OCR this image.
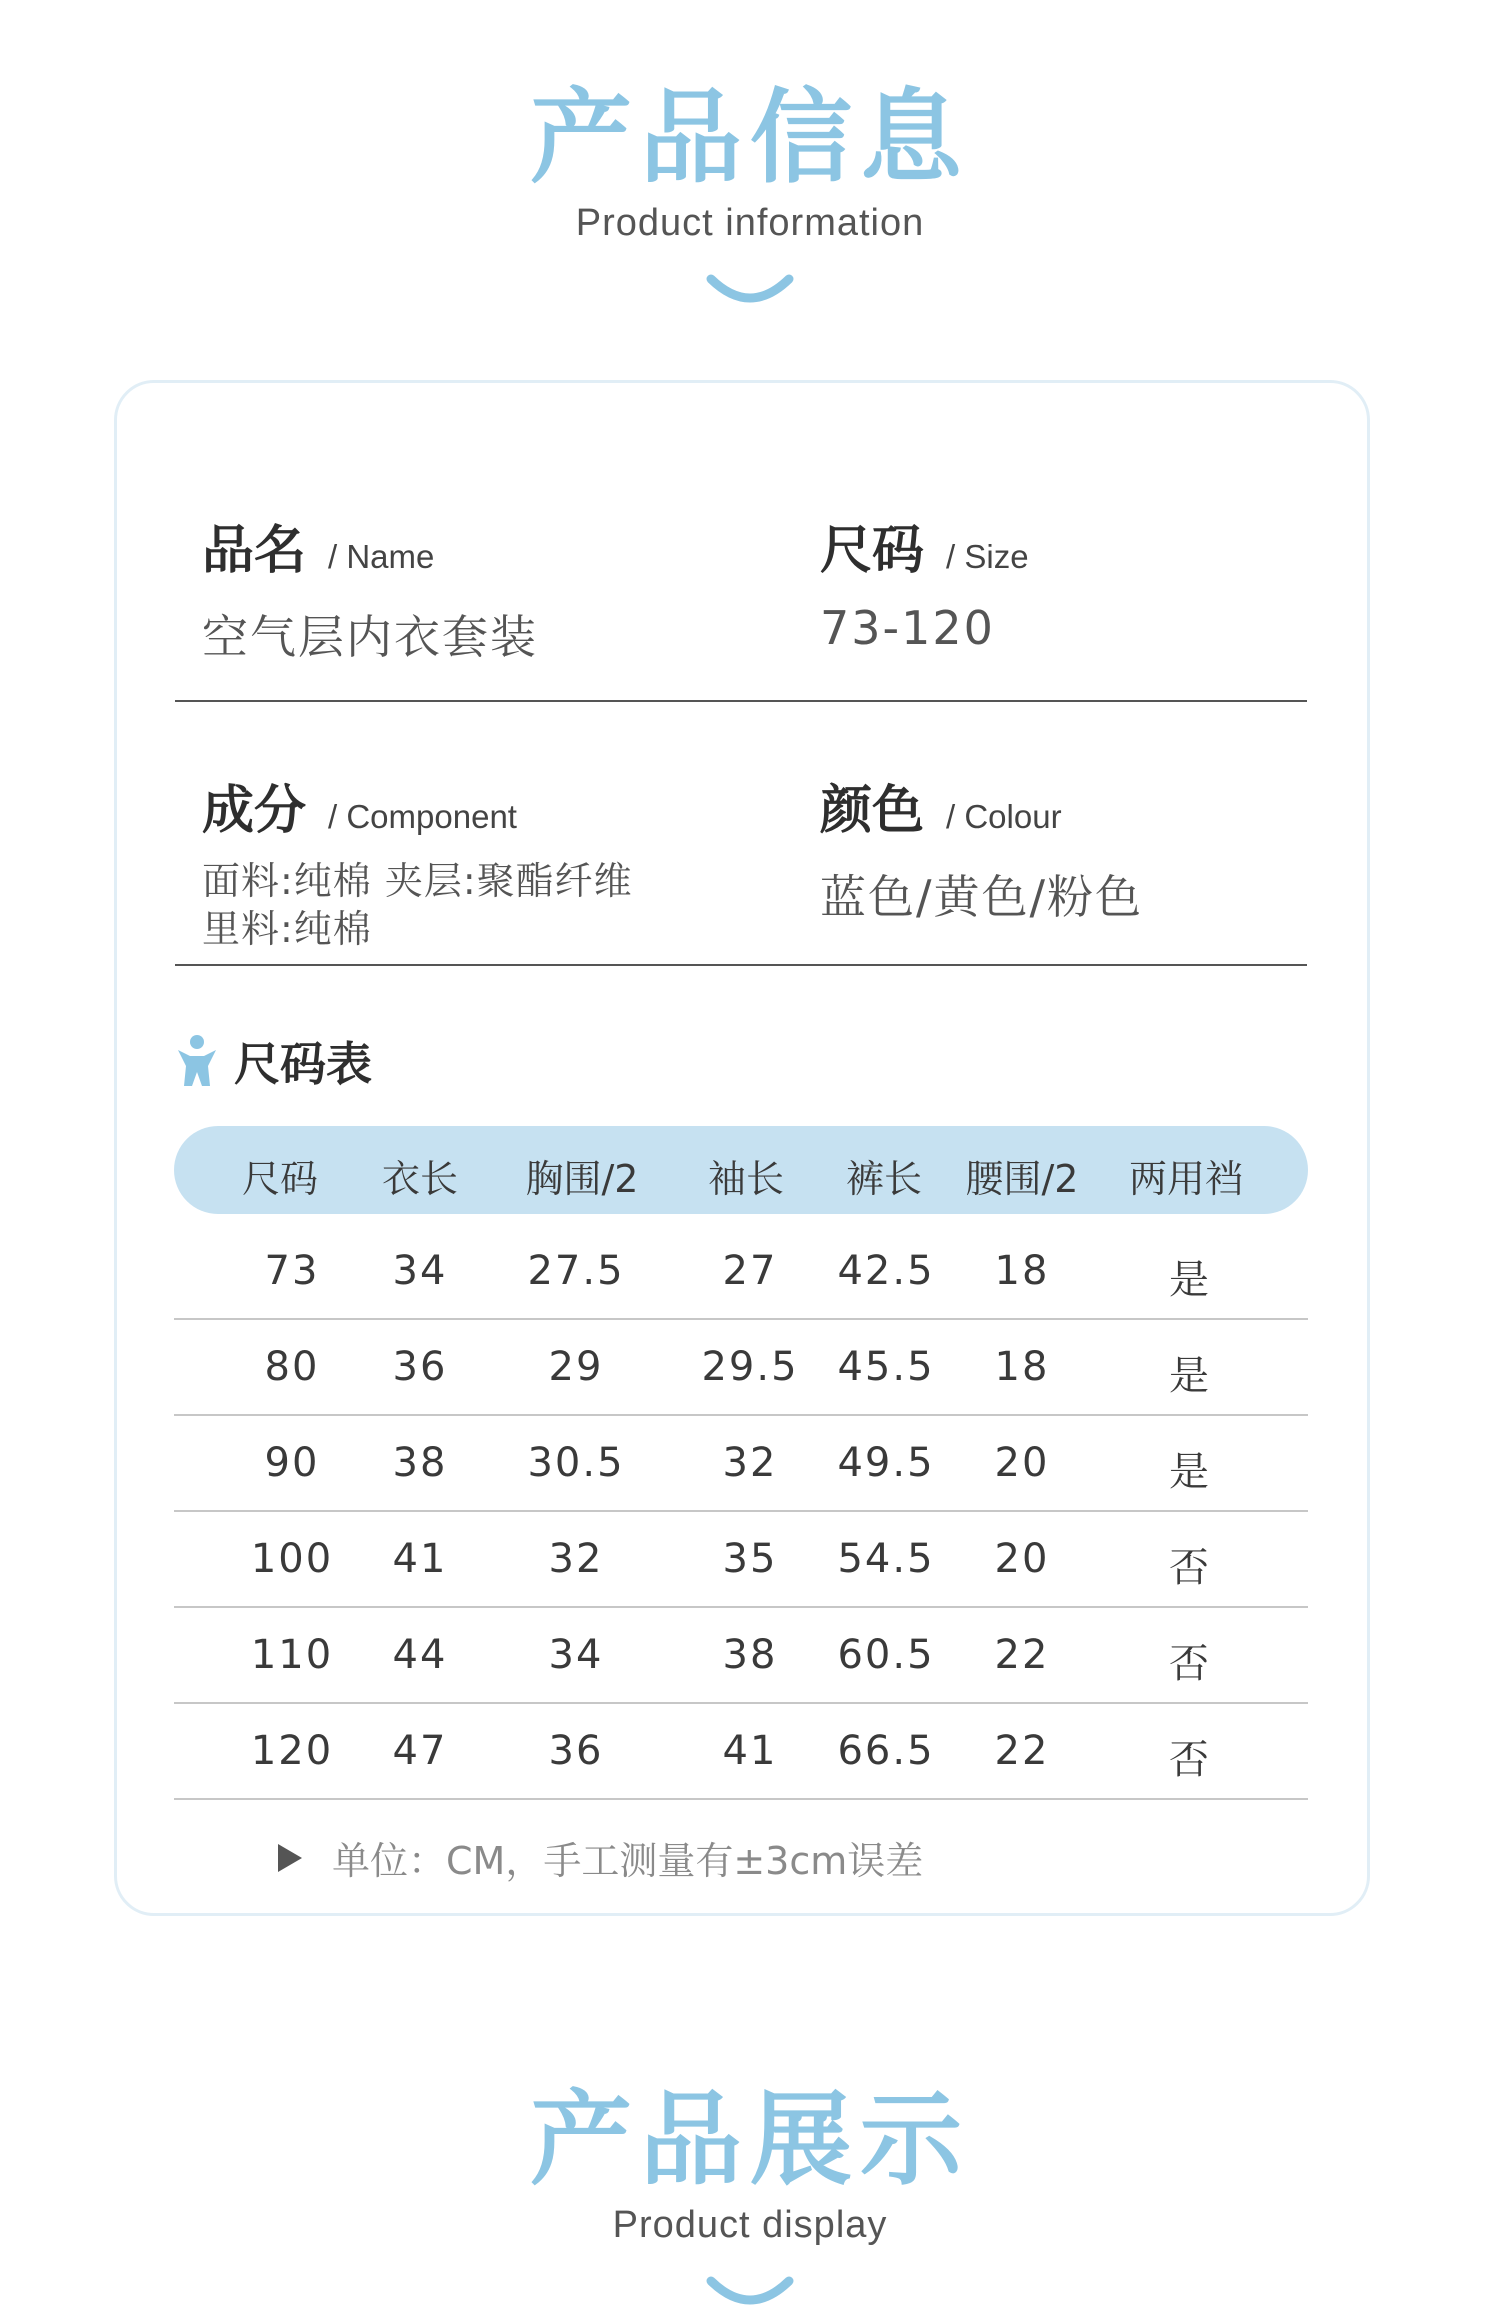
产品信息
Product information
品名 / Name
空气层内衣套装
尺码 / Size
73-120
成分 / Component
面料:纯棉 夹层:聚酯纤维
里料:纯棉
颜色 / Colour
蓝色/黄色/粉色
尺码表
尺码 衣长 胸围/2 袖长 裤长 腰围/2 两用裆
73 34 27.5 27 42.5 18	是
80 36	29 29.5 45.5 18	是
90 38 30.5 32 49.5 20	是
100 41	32	35 54.5 20	否
110 44	34	38 60.5 22	否
120 47	36	41 66.5 22	否
单位：CM，手工测量有±3cm误差
产品展示
Product display
